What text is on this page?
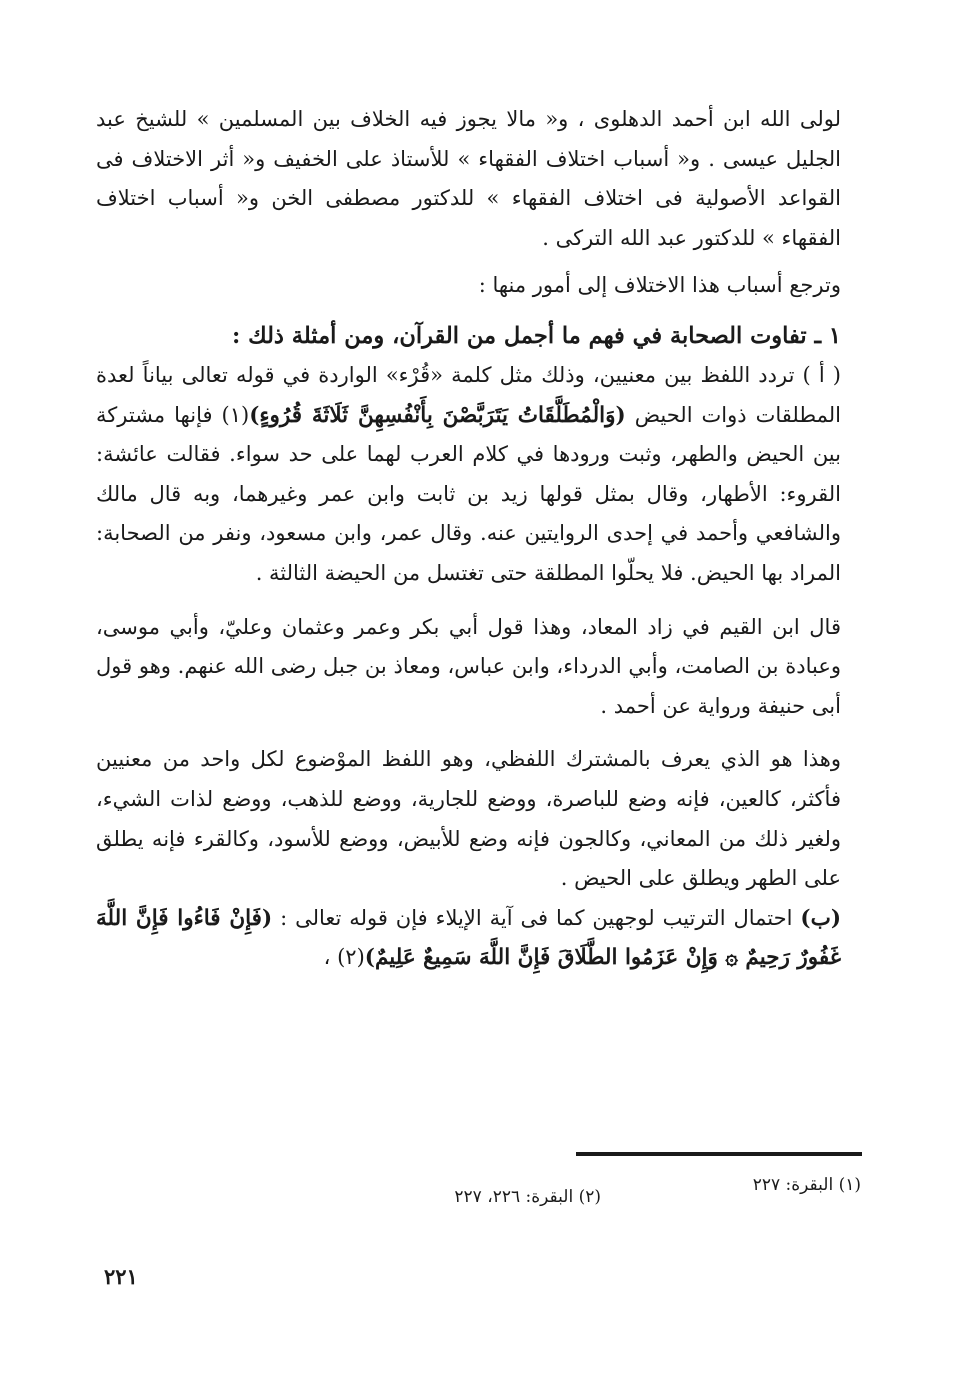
لولى الله ابن أحمد الدهلوى ، و« مالا يجوز فيه الخلاف بين المسلمين » للشيخ عبد الجليل عيسى . و« أسباب اختلاف الفقهاء » للأستاذ على الخفيف و« أثر الاختلاف فى القواعد الأصولية فى اختلاف الفقهاء » للدكتور مصطفى الخن و« أسباب اختلاف الفقهاء » للدكتور عبد الله التركى .

وترجع أسباب هذا الاختلاف إلى أمور منها :

١ ـ تفاوت الصحابة في فهم ما أجمل من القرآن، ومن أمثلة ذلك :

( أ ) تردد اللفظ بين معنيين، وذلك مثل كلمة «قُرْء» الواردة في قوله تعالى بياناً لعدة المطلقات ذوات الحيض (وَالْمُطَلَّقَاتُ يَتَرَبَّصْنَ بِأَنْفُسِهِنَّ ثَلَاثَةَ قُرُوءٍ)(١) فإنها مشتركة بين الحيض والطهر، وثبت ورودها في كلام العرب لهما على حد سواء. فقالت عائشة: القروء: الأطهار، وقال بمثل قولها زيد بن ثابت وابن عمر وغيرهما، وبه قال مالك والشافعي وأحمد في إحدى الروايتين عنه. وقال عمر، وابن مسعود، ونفر من الصحابة: المراد بها الحيض. فلا يحلّوا المطلقة حتى تغتسل من الحيضة الثالثة .

قال ابن القيم في زاد المعاد، وهذا قول أبي بكر وعمر وعثمان وعليّ، وأبي موسى، وعبادة بن الصامت، وأبي الدرداء، وابن عباس، ومعاذ بن جبل رضى الله عنهم. وهو قول أبى حنيفة ورواية عن أحمد .

وهذا هو الذي يعرف بالمشترك اللفظي، وهو اللفظ الموْضوع لكل واحد من معنيين فأكثر، كالعين، فإنه وضع للباصرة، ووضع للجارية، ووضع للذهب، ووضع لذات الشيء، ولغير ذلك من المعاني، وكالجون فإنه وضع للأبيض، ووضع للأسود، وكالقرء فإنه يطلق على الطهر ويطلق على الحيض .

(ب) احتمال الترتيب لوجهين كما فى آية الإيلاء فإن قوله تعالى : (فَإِنْ فَاءُوا فَإِنَّ اللَّهَ غَفُورٌ رَحِيمٌ ۞ وَإِنْ عَزَمُوا الطَّلَاقَ فَإِنَّ اللَّهَ سَمِيعٌ عَلِيمٌ)(٢) ،

(١) البقرة: ٢٢٧
(٢) البقرة: ٢٢٦، ٢٢٧
٢٢١
